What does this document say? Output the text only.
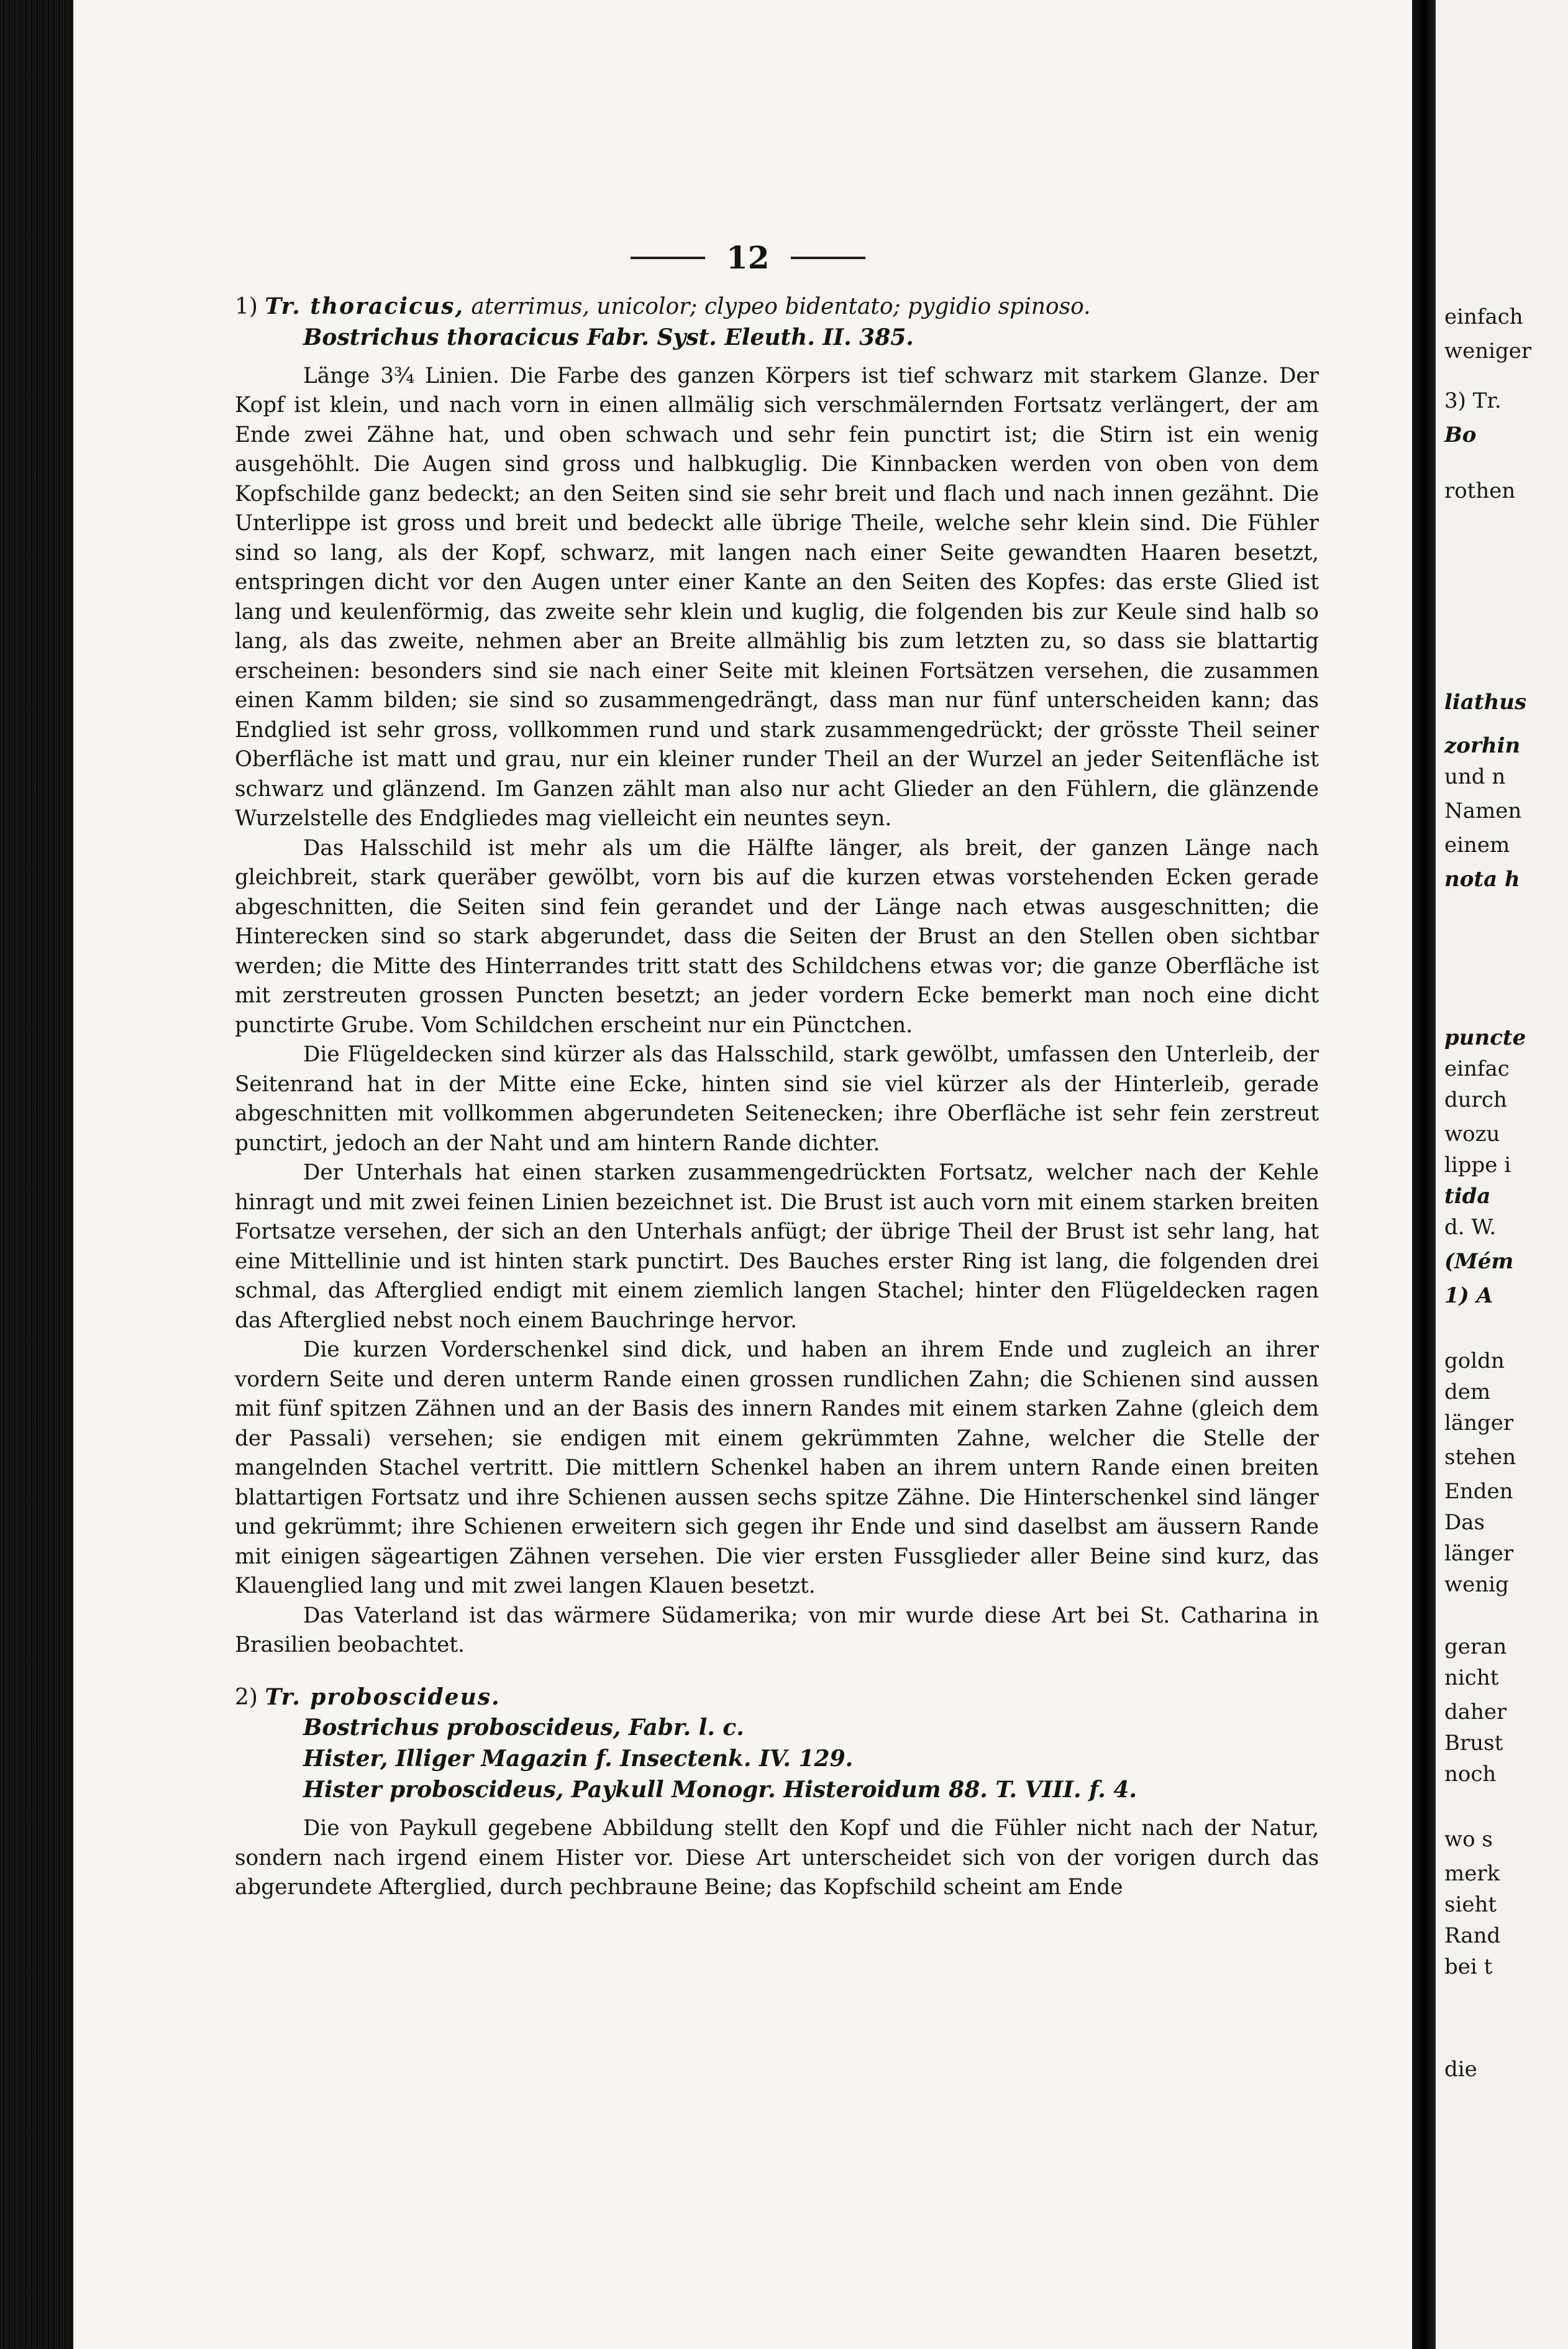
12

1) Tr. thoracicus, aterrimus, unicolor; clypeo bidentato; pygidio spinoso.

Bostrichus thoracicus Fabr. Syst. Eleuth. II. 385.

Länge 3¾ Linien. Die Farbe des ganzen Körpers ist tief schwarz mit starkem Glanze. Der Kopf ist klein, und nach vorn in einen allmälig sich verschmälernden Fortsatz verlängert, der am Ende zwei Zähne hat, und oben schwach und sehr fein punctirt ist; die Stirn ist ein wenig ausgehöhlt. Die Augen sind gross und halbkuglig. Die Kinnbacken werden von oben von dem Kopfschilde ganz bedeckt; an den Seiten sind sie sehr breit und flach und nach innen gezähnt. Die Unterlippe ist gross und breit und bedeckt alle übrige Theile, welche sehr klein sind. Die Fühler sind so lang, als der Kopf, schwarz, mit langen nach einer Seite gewandten Haaren besetzt, entspringen dicht vor den Augen unter einer Kante an den Seiten des Kopfes: das erste Glied ist lang und keulenförmig, das zweite sehr klein und kuglig, die folgenden bis zur Keule sind halb so lang, als das zweite, nehmen aber an Breite allmählig bis zum letzten zu, so dass sie blattartig erscheinen: besonders sind sie nach einer Seite mit kleinen Fortsätzen versehen, die zusammen einen Kamm bilden; sie sind so zusammengedrängt, dass man nur fünf unterscheiden kann; das Endglied ist sehr gross, vollkommen rund und stark zusammengedrückt; der grösste Theil seiner Oberfläche ist matt und grau, nur ein kleiner runder Theil an der Wurzel an jeder Seitenfläche ist schwarz und glänzend. Im Ganzen zählt man also nur acht Glieder an den Fühlern, die glänzende Wurzelstelle des Endgliedes mag vielleicht ein neuntes seyn.

Das Halsschild ist mehr als um die Hälfte länger, als breit, der ganzen Länge nach gleichbreit, stark queräber gewölbt, vorn bis auf die kurzen etwas vorstehenden Ecken gerade abgeschnitten, die Seiten sind fein gerandet und der Länge nach etwas ausgeschnitten; die Hinterecken sind so stark abgerundet, dass die Seiten der Brust an den Stellen oben sichtbar werden; die Mitte des Hinterrandes tritt statt des Schildchens etwas vor; die ganze Oberfläche ist mit zerstreuten grossen Puncten besetzt; an jeder vordern Ecke bemerkt man noch eine dicht punctirte Grube. Vom Schildchen erscheint nur ein Pünctchen.

Die Flügeldecken sind kürzer als das Halsschild, stark gewölbt, umfassen den Unterleib, der Seitenrand hat in der Mitte eine Ecke, hinten sind sie viel kürzer als der Hinterleib, gerade abgeschnitten mit vollkommen abgerundeten Seitenecken; ihre Oberfläche ist sehr fein zerstreut punctirt, jedoch an der Naht und am hintern Rande dichter.

Der Unterhals hat einen starken zusammengedrückten Fortsatz, welcher nach der Kehle hinragt und mit zwei feinen Linien bezeichnet ist. Die Brust ist auch vorn mit einem starken breiten Fortsatze versehen, der sich an den Unterhals anfügt; der übrige Theil der Brust ist sehr lang, hat eine Mittellinie und ist hinten stark punctirt. Des Bauches erster Ring ist lang, die folgenden drei schmal, das Afterglied endigt mit einem ziemlich langen Stachel; hinter den Flügeldecken ragen das Afterglied nebst noch einem Bauchringe hervor.

Die kurzen Vorderschenkel sind dick, und haben an ihrem Ende und zugleich an ihrer vordern Seite und deren unterm Rande einen grossen rundlichen Zahn; die Schienen sind aussen mit fünf spitzen Zähnen und an der Basis des innern Randes mit einem starken Zahne (gleich dem der Passali) versehen; sie endigen mit einem gekrümmten Zahne, welcher die Stelle der mangelnden Stachel vertritt. Die mittlern Schenkel haben an ihrem untern Rande einen breiten blattartigen Fortsatz und ihre Schienen aussen sechs spitze Zähne. Die Hinterschenkel sind länger und gekrümmt; ihre Schienen erweitern sich gegen ihr Ende und sind daselbst am äussern Rande mit einigen sägeartigen Zähnen versehen. Die vier ersten Fussglieder aller Beine sind kurz, das Klauenglied lang und mit zwei langen Klauen besetzt.

Das Vaterland ist das wärmere Südamerika; von mir wurde diese Art bei St. Catharina in Brasilien beobachtet.

2) Tr. proboscideus.

Bostrichus proboscideus, Fabr. l. c.

Hister, Illiger Magazin f. Insectenk. IV. 129.

Hister proboscideus, Paykull Monogr. Histeroidum 88. T. VIII. f. 4.

Die von Paykull gegebene Abbildung stellt den Kopf und die Fühler nicht nach der Natur, sondern nach irgend einem Hister vor. Diese Art unterscheidet sich von der vorigen durch das abgerundete Afterglied, durch pechbraune Beine; das Kopfschild scheint am Ende

einfach
weniger
3) Tr.
Bo
rothen
liathus
zorhin
und n
Namen
einem
nota h
puncte
einfac
durch
wozu
lippe i
tida
d. W.
(Mém
1) A
goldn
dem
länger
stehen
Enden
Das
länger
wenig
geran
nicht
daher
Brust
noch
wo s
merk
sieht
Rand
bei t
die
